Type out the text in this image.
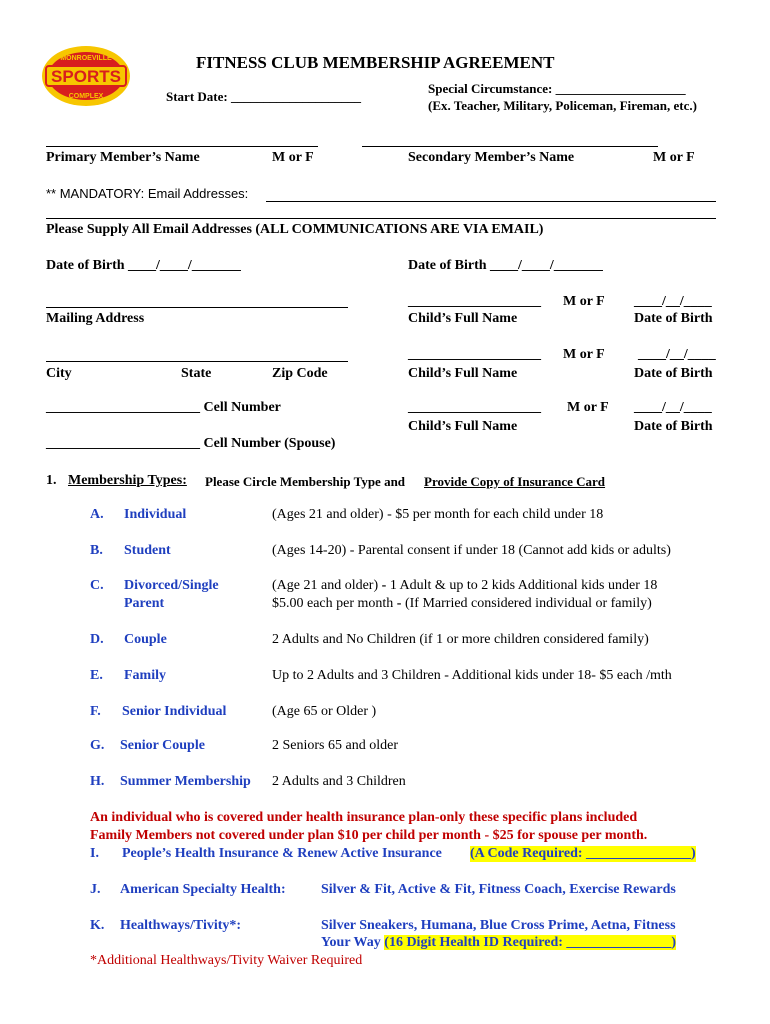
MONROEVILLE
SPORTS
COMPLEX
FITNESS CLUB MEMBERSHIP AGREEMENT
Start Date: ____________________
Special Circumstance: ____________________
(Ex. Teacher, Military, Policeman, Fireman, etc.)
Primary Member’s Name	M or F	Secondary Member’s Name	M or F
** MANDATORY: Email Addresses:
Please Supply All Email Addresses (ALL COMMUNICATIONS ARE VIA EMAIL)
Date of Birth ____/____/_______	Date of Birth ____/____/_______
Mailing Address
City	State	Zip Code
______________________ Cell Number
______________________ Cell Number (Spouse)
___________________ M or F ____/__/____
Child’s Full Name	Date of Birth
___________________ M or F ____/__/____
Child’s Full Name	Date of Birth
___________________ M or F ____/__/____
Child’s Full Name	Date of Birth
1. Membership Types: Please Circle Membership Type and Provide Copy of Insurance Card
A. Individual	(Ages 21 and older) - $5 per month for each child under 18
B. Student	(Ages 14-20) - Parental consent if under 18 (Cannot add kids or adults)
C. Divorced/Single
Parent
(Age 21 and older) - 1 Adult & up to 2 kids Additional kids under 18
$5.00 each per month - (If Married considered individual or family)
D. Couple	2 Adults and No Children (if 1 or more children considered family)
E. Family	Up to 2 Adults and 3 Children - Additional kids under 18- $5 each /mth
F. Senior Individual	(Age 65 or Older )
G. Senior Couple	2 Seniors 65 and older
H. Summer Membership 2 Adults and 3 Children
An individual who is covered under health insurance plan-only these specific plans included
Family Members not covered under plan $10 per child per month - $25 for spouse per month.
I. People’s Health Insurance & Renew Active Insurance (A Code Required: _______________)
J. American Specialty Health:	Silver & Fit, Active & Fit, Fitness Coach, Exercise Rewards
K. Healthways/Tivity*:	Silver Sneakers, Humana, Blue Cross Prime, Aetna, Fitness
Your Way (16 Digit Health ID Required: _______________)
*Additional Healthways/Tivity Waiver Required
